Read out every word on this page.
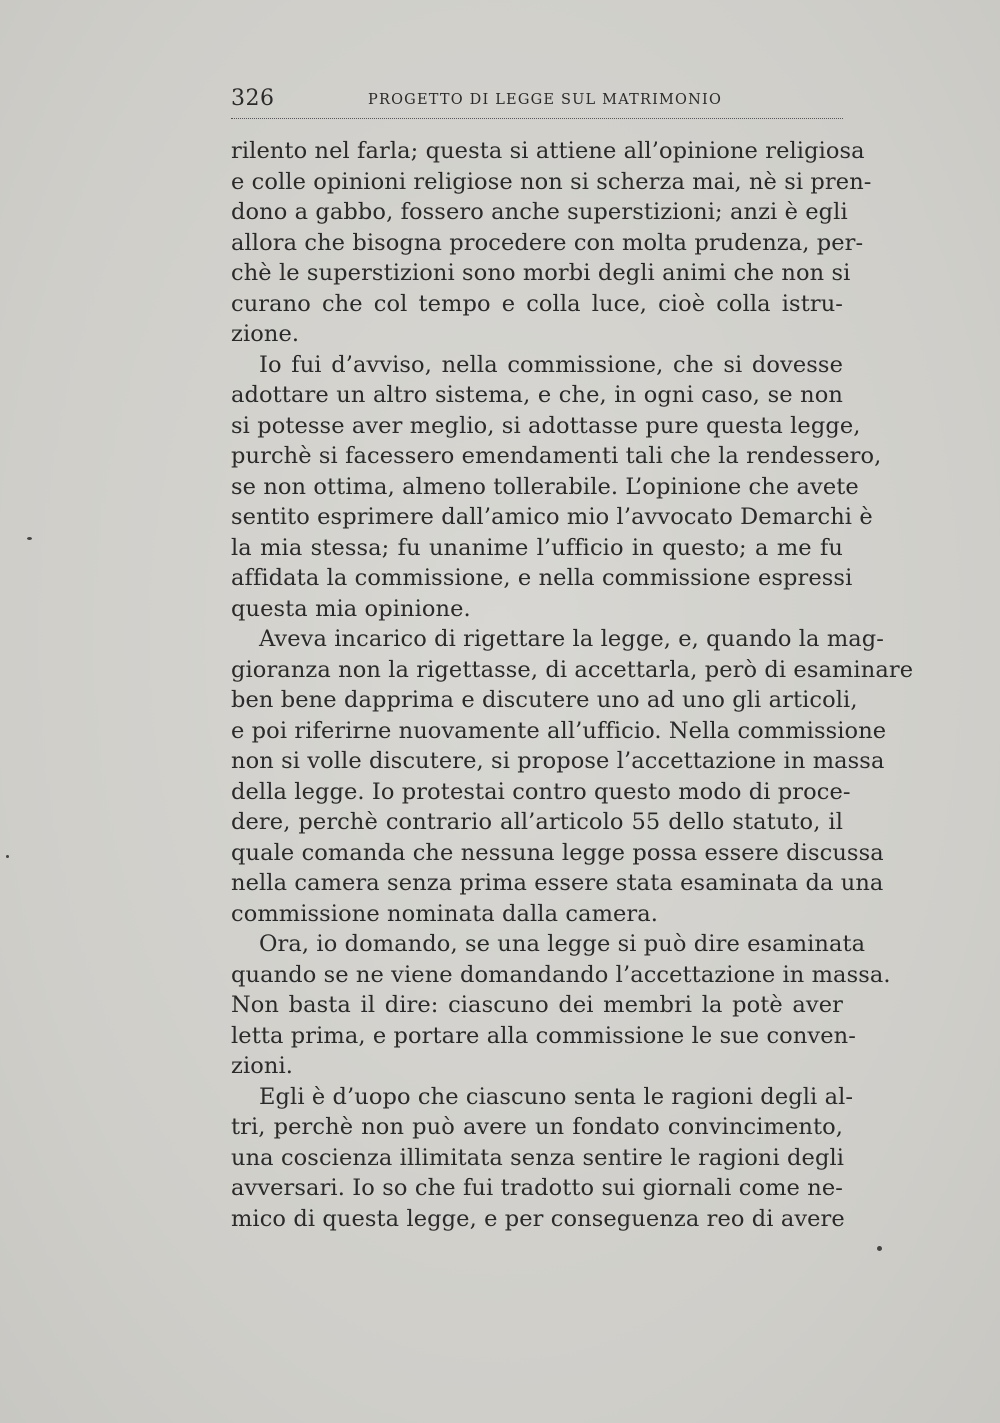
326	PROGETTO DI LEGGE SUL MATRIMONIO
rilento nel farla; questa si attiene all’opinione religiosa
e colle opinioni religiose non si scherza mai, nè si pren-
dono a gabbo, fossero anche superstizioni; anzi è egli
allora che bisogna procedere con molta prudenza, per-
chè le superstizioni sono morbi degli animi che non si
curano che col tempo e colla luce, cioè colla istru-
zione.
Io fui d’avviso, nella commissione, che si dovesse
adottare un altro sistema, e che, in ogni caso, se non
si potesse aver meglio, si adottasse pure questa legge,
purchè si facessero emendamenti tali che la rendessero,
se non ottima, almeno tollerabile. L’opinione che avete
sentito esprimere dall’amico mio l’avvocato Demarchi è
la mia stessa; fu unanime l’ufficio in questo; a me fu
affidata la commissione, e nella commissione espressi
questa mia opinione.
Aveva incarico di rigettare la legge, e, quando la mag-
gioranza non la rigettasse, di accettarla, però di esaminare
ben bene dapprima e discutere uno ad uno gli articoli,
e poi riferirne nuovamente all’ufficio. Nella commissione
non si volle discutere, si propose l’accettazione in massa
della legge. Io protestai contro questo modo di proce-
dere, perchè contrario all’articolo 55 dello statuto, il
quale comanda che nessuna legge possa essere discussa
nella camera senza prima essere stata esaminata da una
commissione nominata dalla camera.
Ora, io domando, se una legge si può dire esaminata
quando se ne viene domandando l’accettazione in massa.
Non basta il dire: ciascuno dei membri la potè aver
letta prima, e portare alla commissione le sue conven-
zioni.
Egli è d’uopo che ciascuno senta le ragioni degli al-
tri, perchè non può avere un fondato convincimento,
una coscienza illimitata senza sentire le ragioni degli
avversari. Io so che fui tradotto sui giornali come ne-
mico di questa legge, e per conseguenza reo di avere
